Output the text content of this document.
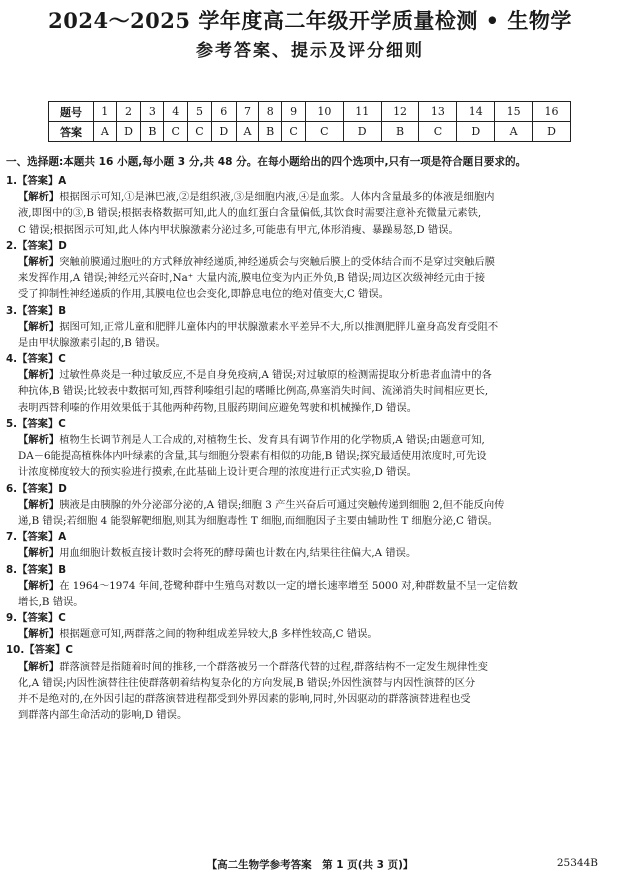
2024～2025 学年度高二年级开学质量检测 • 生物学
参考答案、提示及评分细则
题号	1	2	3	4	5	6	7	8	9	10	11	12	13	14	15	16
答案	A	D	B	C	C	D	A	B	C	C	D	B	C	D	A	D
一、选择题:本题共 16 小题,每小题 3 分,共 48 分。在每小题给出的四个选项中,只有一项是符合题目要求的。
1.【答案】A
【解析】根据图示可知,①是淋巴液,②是组织液,③是细胞内液,④是血浆。人体内含量最多的体液是细胞内
液,即图中的③,B 错误;根据表格数据可知,此人的血红蛋白含量偏低,其饮食时需要注意补充微量元素铁,
C 错误;根据图示可知,此人体内甲状腺激素分泌过多,可能患有甲亢,体形消瘦、暴躁易怒,D 错误。
2.【答案】D
【解析】突触前膜通过胞吐的方式释放神经递质,神经递质会与突触后膜上的受体结合而不是穿过突触后膜
来发挥作用,A 错误;神经元兴奋时,Na⁺ 大量内流,膜电位变为内正外负,B 错误;周边区次级神经元由于接
受了抑制性神经递质的作用,其膜电位也会变化,即静息电位的绝对值变大,C 错误。
3.【答案】B
【解析】据图可知,正常儿童和肥胖儿童体内的甲状腺激素水平差异不大,所以推测肥胖儿童身高发育受阻不
是由甲状腺激素引起的,B 错误。
4.【答案】C
【解析】过敏性鼻炎是一种过敏反应,不是自身免疫病,A 错误;对过敏原的检测需提取分析患者血清中的各
种抗体,B 错误;比较表中数据可知,西替利嗪组引起的嗜睡比例高,鼻塞消失时间、流涕消失时间相应更长,
表明西替利嗪的作用效果低于其他两种药物,且服药期间应避免驾驶和机械操作,D 错误。
5.【答案】C
【解析】植物生长调节剂是人工合成的,对植物生长、发育具有调节作用的化学物质,A 错误;由题意可知,
DA－6能提高植株体内叶绿素的含量,其与细胞分裂素有相似的功能,B 错误;探究最适使用浓度时,可先设
计浓度梯度较大的预实验进行摸索,在此基础上设计更合理的浓度进行正式实验,D 错误。
6.【答案】D
【解析】胰液是由胰腺的外分泌部分泌的,A 错误;细胞 3 产生兴奋后可通过突触传递到细胞 2,但不能反向传
递,B 错误;若细胞 4 能裂解靶细胞,则其为细胞毒性 T 细胞,而细胞因子主要由辅助性 T 细胞分泌,C 错误。
7.【答案】A
【解析】用血细胞计数板直接计数时会将死的酵母菌也计数在内,结果往往偏大,A 错误。
8.【答案】B
【解析】在 1964～1974 年间,苍鹭种群中生殖鸟对数以一定的增长速率增至 5000 对,种群数量不呈一定倍数
增长,B 错误。
9.【答案】C
【解析】根据题意可知,两群落之间的物种组成差异较大,β 多样性较高,C 错误。
10.【答案】C
【解析】群落演替是指随着时间的推移,一个群落被另一个群落代替的过程,群落结构不一定发生规律性变
化,A 错误;内因性演替往往使群落朝着结构复杂化的方向发展,B 错误;外因性演替与内因性演替的区分
并不是绝对的,在外因引起的群落演替进程都受到外界因素的影响,同时,外因驱动的群落演替进程也受
到群落内部生命活动的影响,D 错误。
【高二生物学参考答案　第 1 页(共 3 页)】	25344B
